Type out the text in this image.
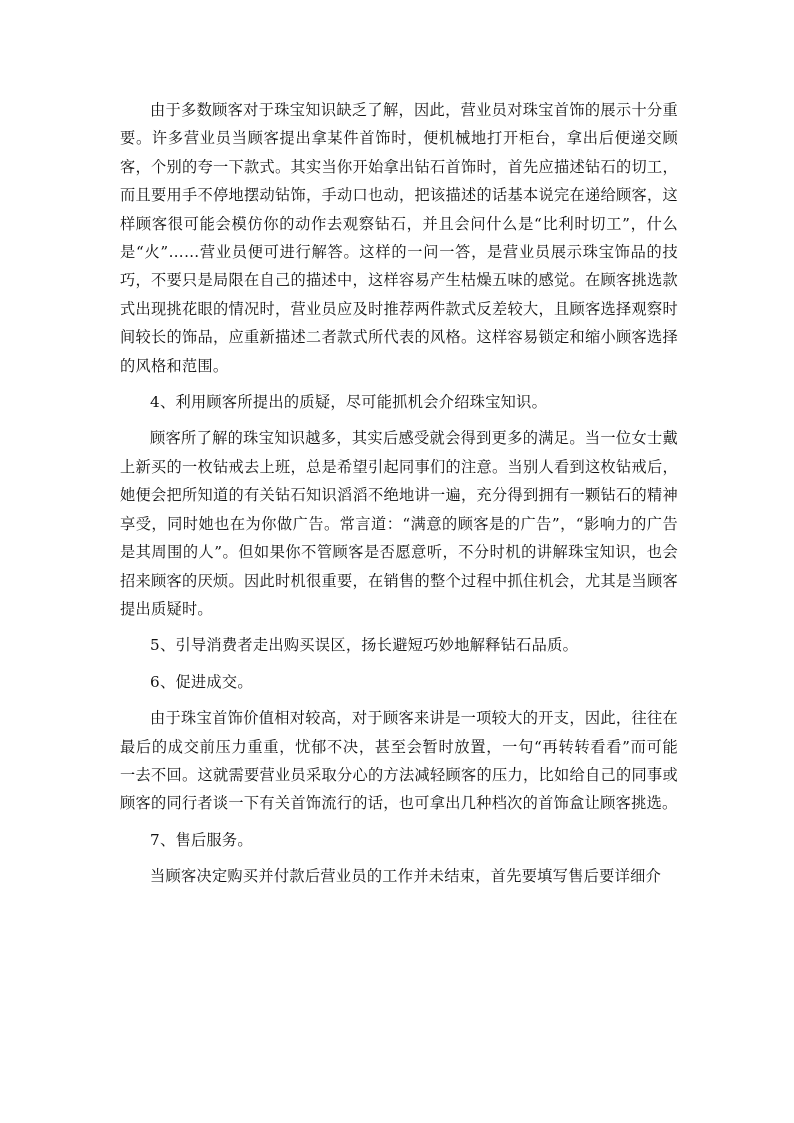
由于多数顾客对于珠宝知识缺乏了解，因此，营业员对珠宝首饰的展示十分重要。许多营业员当顾客提出拿某件首饰时，便机械地打开柜台，拿出后便递交顾客，个别的夸一下款式。其实当你开始拿出钻石首饰时，首先应描述钻石的切工，而且要用手不停地摆动钻饰，手动口也动，把该描述的话基本说完在递给顾客，这样顾客很可能会模仿你的动作去观察钻石，并且会问什么是“比利时切工”，什么是“火”……营业员便可进行解答。这样的一问一答，是营业员展示珠宝饰品的技巧，不要只是局限在自己的描述中，这样容易产生枯燥五味的感觉。在顾客挑选款式出现挑花眼的情况时，营业员应及时推荐两件款式反差较大，且顾客选择观察时间较长的饰品，应重新描述二者款式所代表的风格。这样容易锁定和缩小顾客选择的风格和范围。

4、利用顾客所提出的质疑，尽可能抓机会介绍珠宝知识。

顾客所了解的珠宝知识越多，其实后感受就会得到更多的满足。当一位女士戴上新买的一枚钻戒去上班，总是希望引起同事们的注意。当别人看到这枚钻戒后，她便会把所知道的有关钻石知识滔滔不绝地讲一遍，充分得到拥有一颗钻石的精神享受，同时她也在为你做广告。常言道：“满意的顾客是的广告”，“影响力的广告是其周围的人”。但如果你不管顾客是否愿意听，不分时机的讲解珠宝知识，也会招来顾客的厌烦。因此时机很重要，在销售的整个过程中抓住机会，尤其是当顾客提出质疑时。

5、引导消费者走出购买误区，扬长避短巧妙地解释钻石品质。

6、促进成交。

由于珠宝首饰价值相对较高，对于顾客来讲是一项较大的开支，因此，往往在最后的成交前压力重重，忧郁不决，甚至会暂时放置，一句“再转转看看”而可能一去不回。这就需要营业员采取分心的方法减轻顾客的压力，比如给自己的同事或顾客的同行者谈一下有关首饰流行的话，也可拿出几种档次的首饰盒让顾客挑选。

7、售后服务。

当顾客决定购买并付款后营业员的工作并未结束，首先要填写售后要详细介
